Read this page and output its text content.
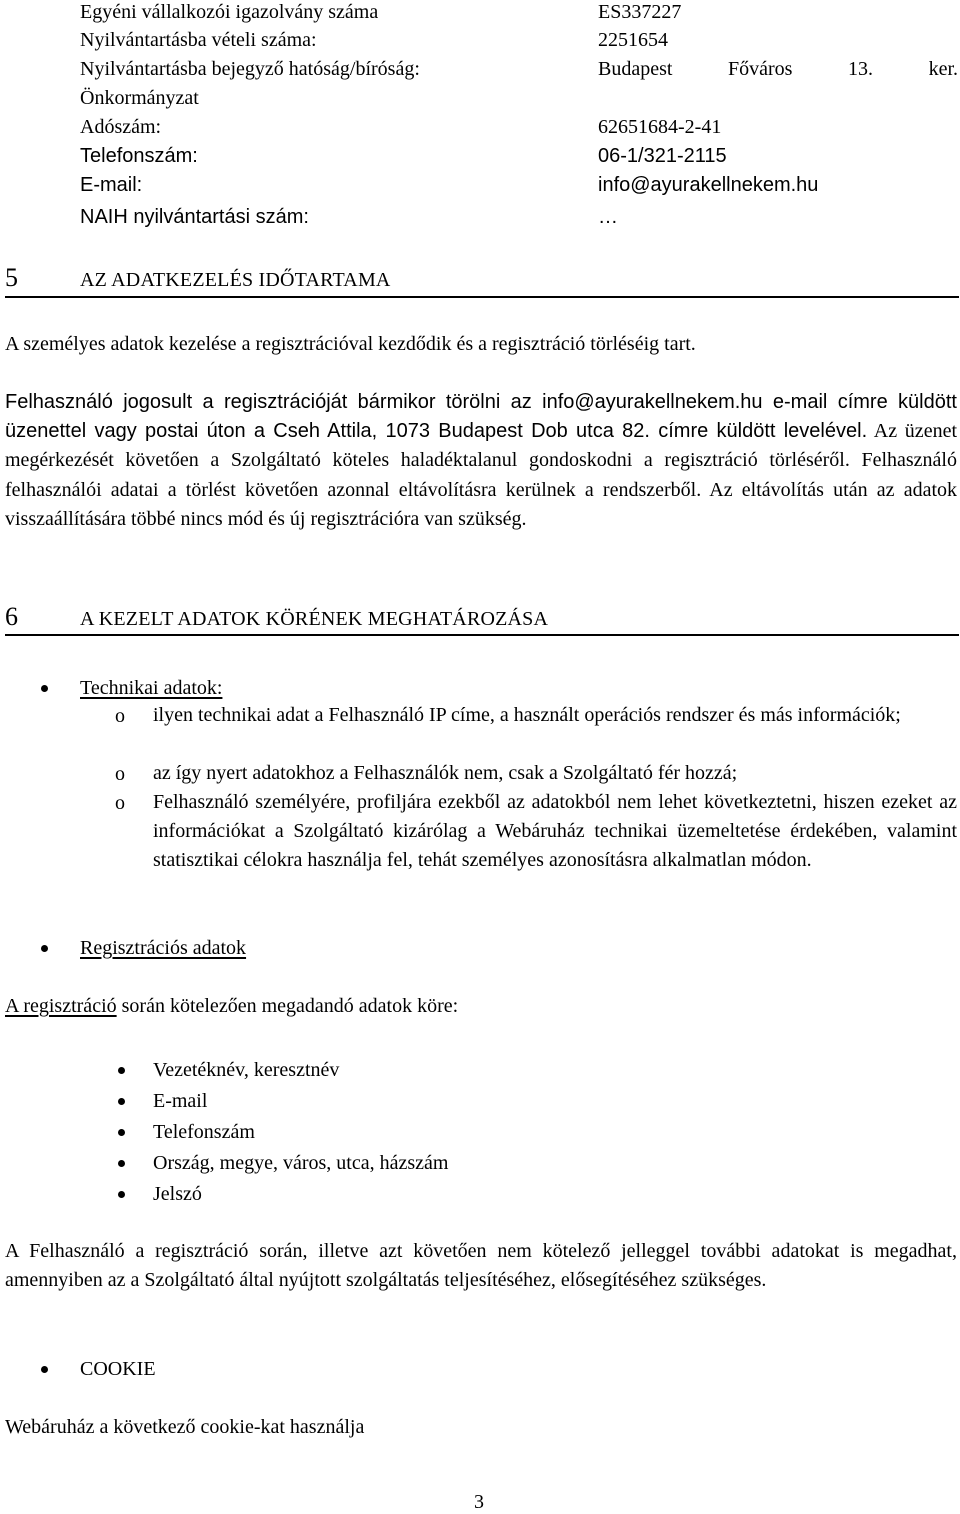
Egyéni vállalkozói igazolvány száma	ES337227
Nyilvántartásba vételi száma:	2251654
Nyilvántartásba bejegyző hatóság/bíróság:	Budapest Főváros 13. ker.
Önkormányzat
Adószám:	62651684-2-41
Telefonszám:	06-1/321-2115
E-mail:	info@ayurakellnekem.hu
NAIH nyilvántartási szám:	…
5	AZ ADATKEZELÉS IDŐTARTAMA

A személyes adatok kezelése a regisztrációval kezdődik és a regisztráció törléséig tart.

Felhasználó jogosult a regisztrációját bármikor törölni az info@ayurakellnekem.hu e-mail címre küldött üzenettel vagy postai úton a Cseh Attila, 1073 Budapest Dob utca 82. címre küldött levelével. Az üzenet megérkezését követően a Szolgáltató köteles haladéktalanul gondoskodni a regisztráció törléséről. Felhasználó felhasználói adatai a törlést követően azonnal eltávolításra kerülnek a rendszerből. Az eltávolítás után az adatok visszaállítására többé nincs mód és új regisztrációra van szükség.

6	A KEZELT ADATOK KÖRÉNEK MEGHATÁROZÁSA
Technikai adatok:
o ilyen technikai adat a Felhasználó IP címe, a használt operációs rendszer és más információk;

o az így nyert adatokhoz a Felhasználók nem, csak a Szolgáltató fér hozzá;

o Felhasználó személyére, profiljára ezekből az adatokból nem lehet következtetni, hiszen ezeket az információkat a Szolgáltató kizárólag a Webáruház technikai üzemeltetése érdekében, valamint statisztikai célokra használja fel, tehát személyes azonosításra alkalmatlan módon.

Regisztrációs adatok
A regisztráció során kötelezően megadandó adatok köre:
Vezetéknév, keresztnév
E-mail
Telefonszám
Ország, megye, város, utca, házszám
Jelszó

A Felhasználó a regisztráció során, illetve azt követően nem kötelező jelleggel további adatokat is megadhat, amennyiben az a Szolgáltató által nyújtott szolgáltatás teljesítéséhez, elősegítéséhez szükséges.

COOKIE
Webáruház a következő cookie-kat használja
3
